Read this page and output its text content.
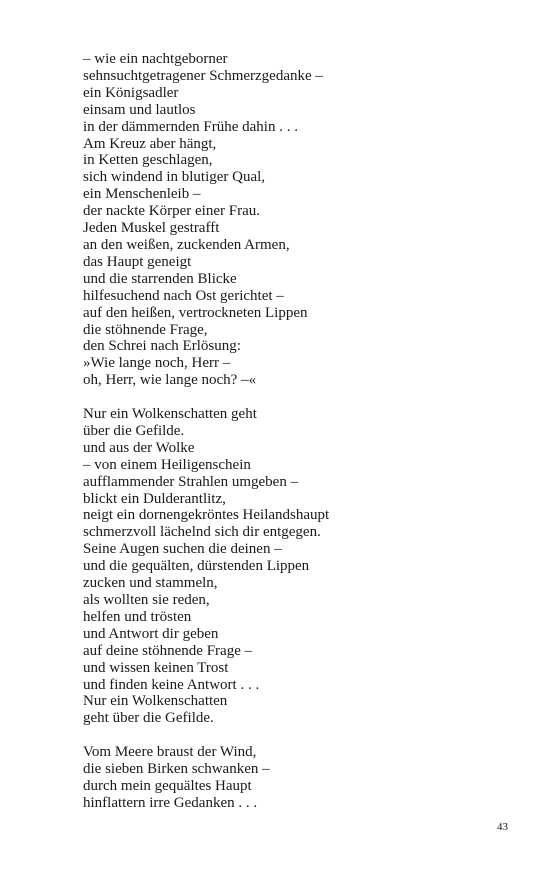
– wie ein nachtgeborner
sehnsuchtgetragener Schmerzgedanke –
ein Königsadler
einsam und lautlos
in der dämmernden Frühe dahin . . .
Am Kreuz aber hängt,
in Ketten geschlagen,
sich windend in blutiger Qual,
ein Menschenleib –
der nackte Körper einer Frau.
Jeden Muskel gestrafft
an den weißen, zuckenden Armen,
das Haupt geneigt
und die starrenden Blicke
hilfesuchend nach Ost gerichtet –
auf den heißen, vertrockneten Lippen
die stöhnende Frage,
den Schrei nach Erlösung:
»Wie lange noch, Herr –
oh, Herr, wie lange noch? –«
Nur ein Wolkenschatten geht
über die Gefilde.
und aus der Wolke
– von einem Heiligenschein
aufflammender Strahlen umgeben –
blickt ein Dulderantlitz,
neigt ein dornengekröntes Heilandshaupt
schmerzvoll lächelnd sich dir entgegen.
Seine Augen suchen die deinen –
und die gequälten, dürstenden Lippen
zucken und stammeln,
als wollten sie reden,
helfen und trösten
und Antwort dir geben
auf deine stöhnende Frage –
und wissen keinen Trost
und finden keine Antwort . . .
Nur ein Wolkenschatten
geht über die Gefilde.
Vom Meere braust der Wind,
die sieben Birken schwanken –
durch mein gequältes Haupt
hinflattern irre Gedanken . . .
43
